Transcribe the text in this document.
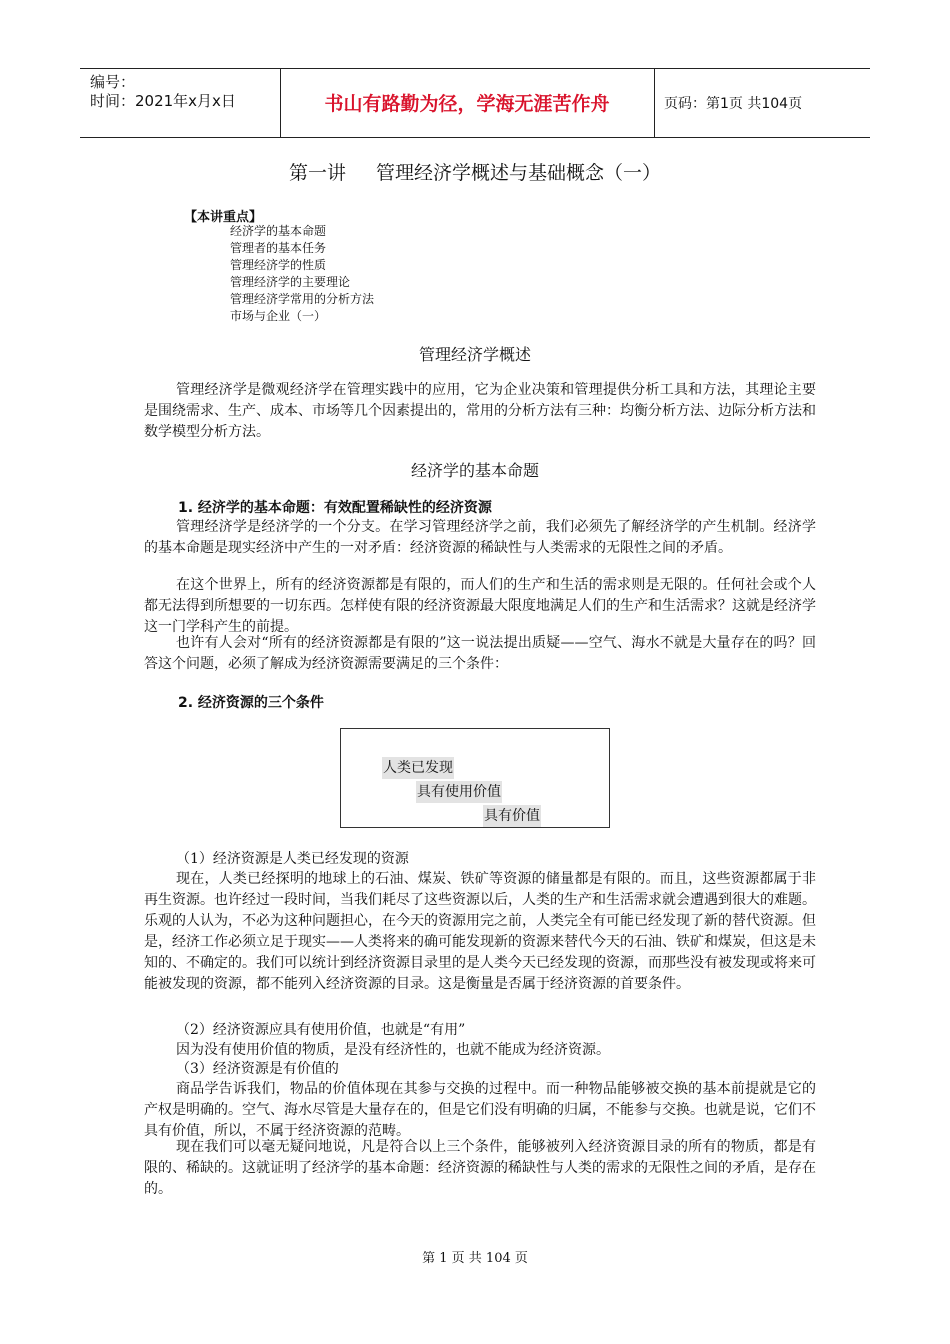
编号：
时间：2021年x月x日	书山有路勤为径，学海无涯苦作舟	页码：第1页 共104页
第一讲 管理经济学概述与基础概念（一）
【本讲重点】
经济学的基本命题
管理者的基本任务
管理经济学的性质
管理经济学的主要理论
管理经济学常用的分析方法
市场与企业（一）
管理经济学概述

管理经济学是微观经济学在管理实践中的应用，它为企业决策和管理提供分析工具和方法，其理论主要是围绕需求、生产、成本、市场等几个因素提出的，常用的分析方法有三种：均衡分析方法、边际分析方法和数学模型分析方法。

经济学的基本命题
1. 经济学的基本命题：有效配置稀缺性的经济资源

管理经济学是经济学的一个分支。在学习管理经济学之前，我们必须先了解经济学的产生机制。经济学的基本命题是现实经济中产生的一对矛盾：经济资源的稀缺性与人类需求的无限性之间的矛盾。

在这个世界上，所有的经济资源都是有限的，而人们的生产和生活的需求则是无限的。任何社会或个人都无法得到所想要的一切东西。怎样使有限的经济资源最大限度地满足人们的生产和生活需求？这就是经济学这一门学科产生的前提。

也许有人会对“所有的经济资源都是有限的”这一说法提出质疑——空气、海水不就是大量存在的吗？回答这个问题，必须了解成为经济资源需要满足的三个条件：

2. 经济资源的三个条件
人类已发现
具有使用价值
具有价值

（1）经济资源是人类已经发现的资源

现在，人类已经探明的地球上的石油、煤炭、铁矿等资源的储量都是有限的。而且，这些资源都属于非再生资源。也许经过一段时间，当我们耗尽了这些资源以后，人类的生产和生活需求就会遭遇到很大的难题。乐观的人认为，不必为这种问题担心，在今天的资源用完之前，人类完全有可能已经发现了新的替代资源。但是，经济工作必须立足于现实——人类将来的确可能发现新的资源来替代今天的石油、铁矿和煤炭，但这是未知的、不确定的。我们可以统计到经济资源目录里的是人类今天已经发现的资源，而那些没有被发现或将来可能被发现的资源，都不能列入经济资源的目录。这是衡量是否属于经济资源的首要条件。

（2）经济资源应具有使用价值，也就是“有用”

因为没有使用价值的物质，是没有经济性的，也就不能成为经济资源。

（3）经济资源是有价值的

商品学告诉我们，物品的价值体现在其参与交换的过程中。而一种物品能够被交换的基本前提就是它的产权是明确的。空气、海水尽管是大量存在的，但是它们没有明确的归属，不能参与交换。也就是说，它们不具有价值，所以，不属于经济资源的范畴。

现在我们可以毫无疑问地说，凡是符合以上三个条件，能够被列入经济资源目录的所有的物质，都是有限的、稀缺的。这就证明了经济学的基本命题：经济资源的稀缺性与人类的需求的无限性之间的矛盾，是存在的。

第 1 页 共 104 页
